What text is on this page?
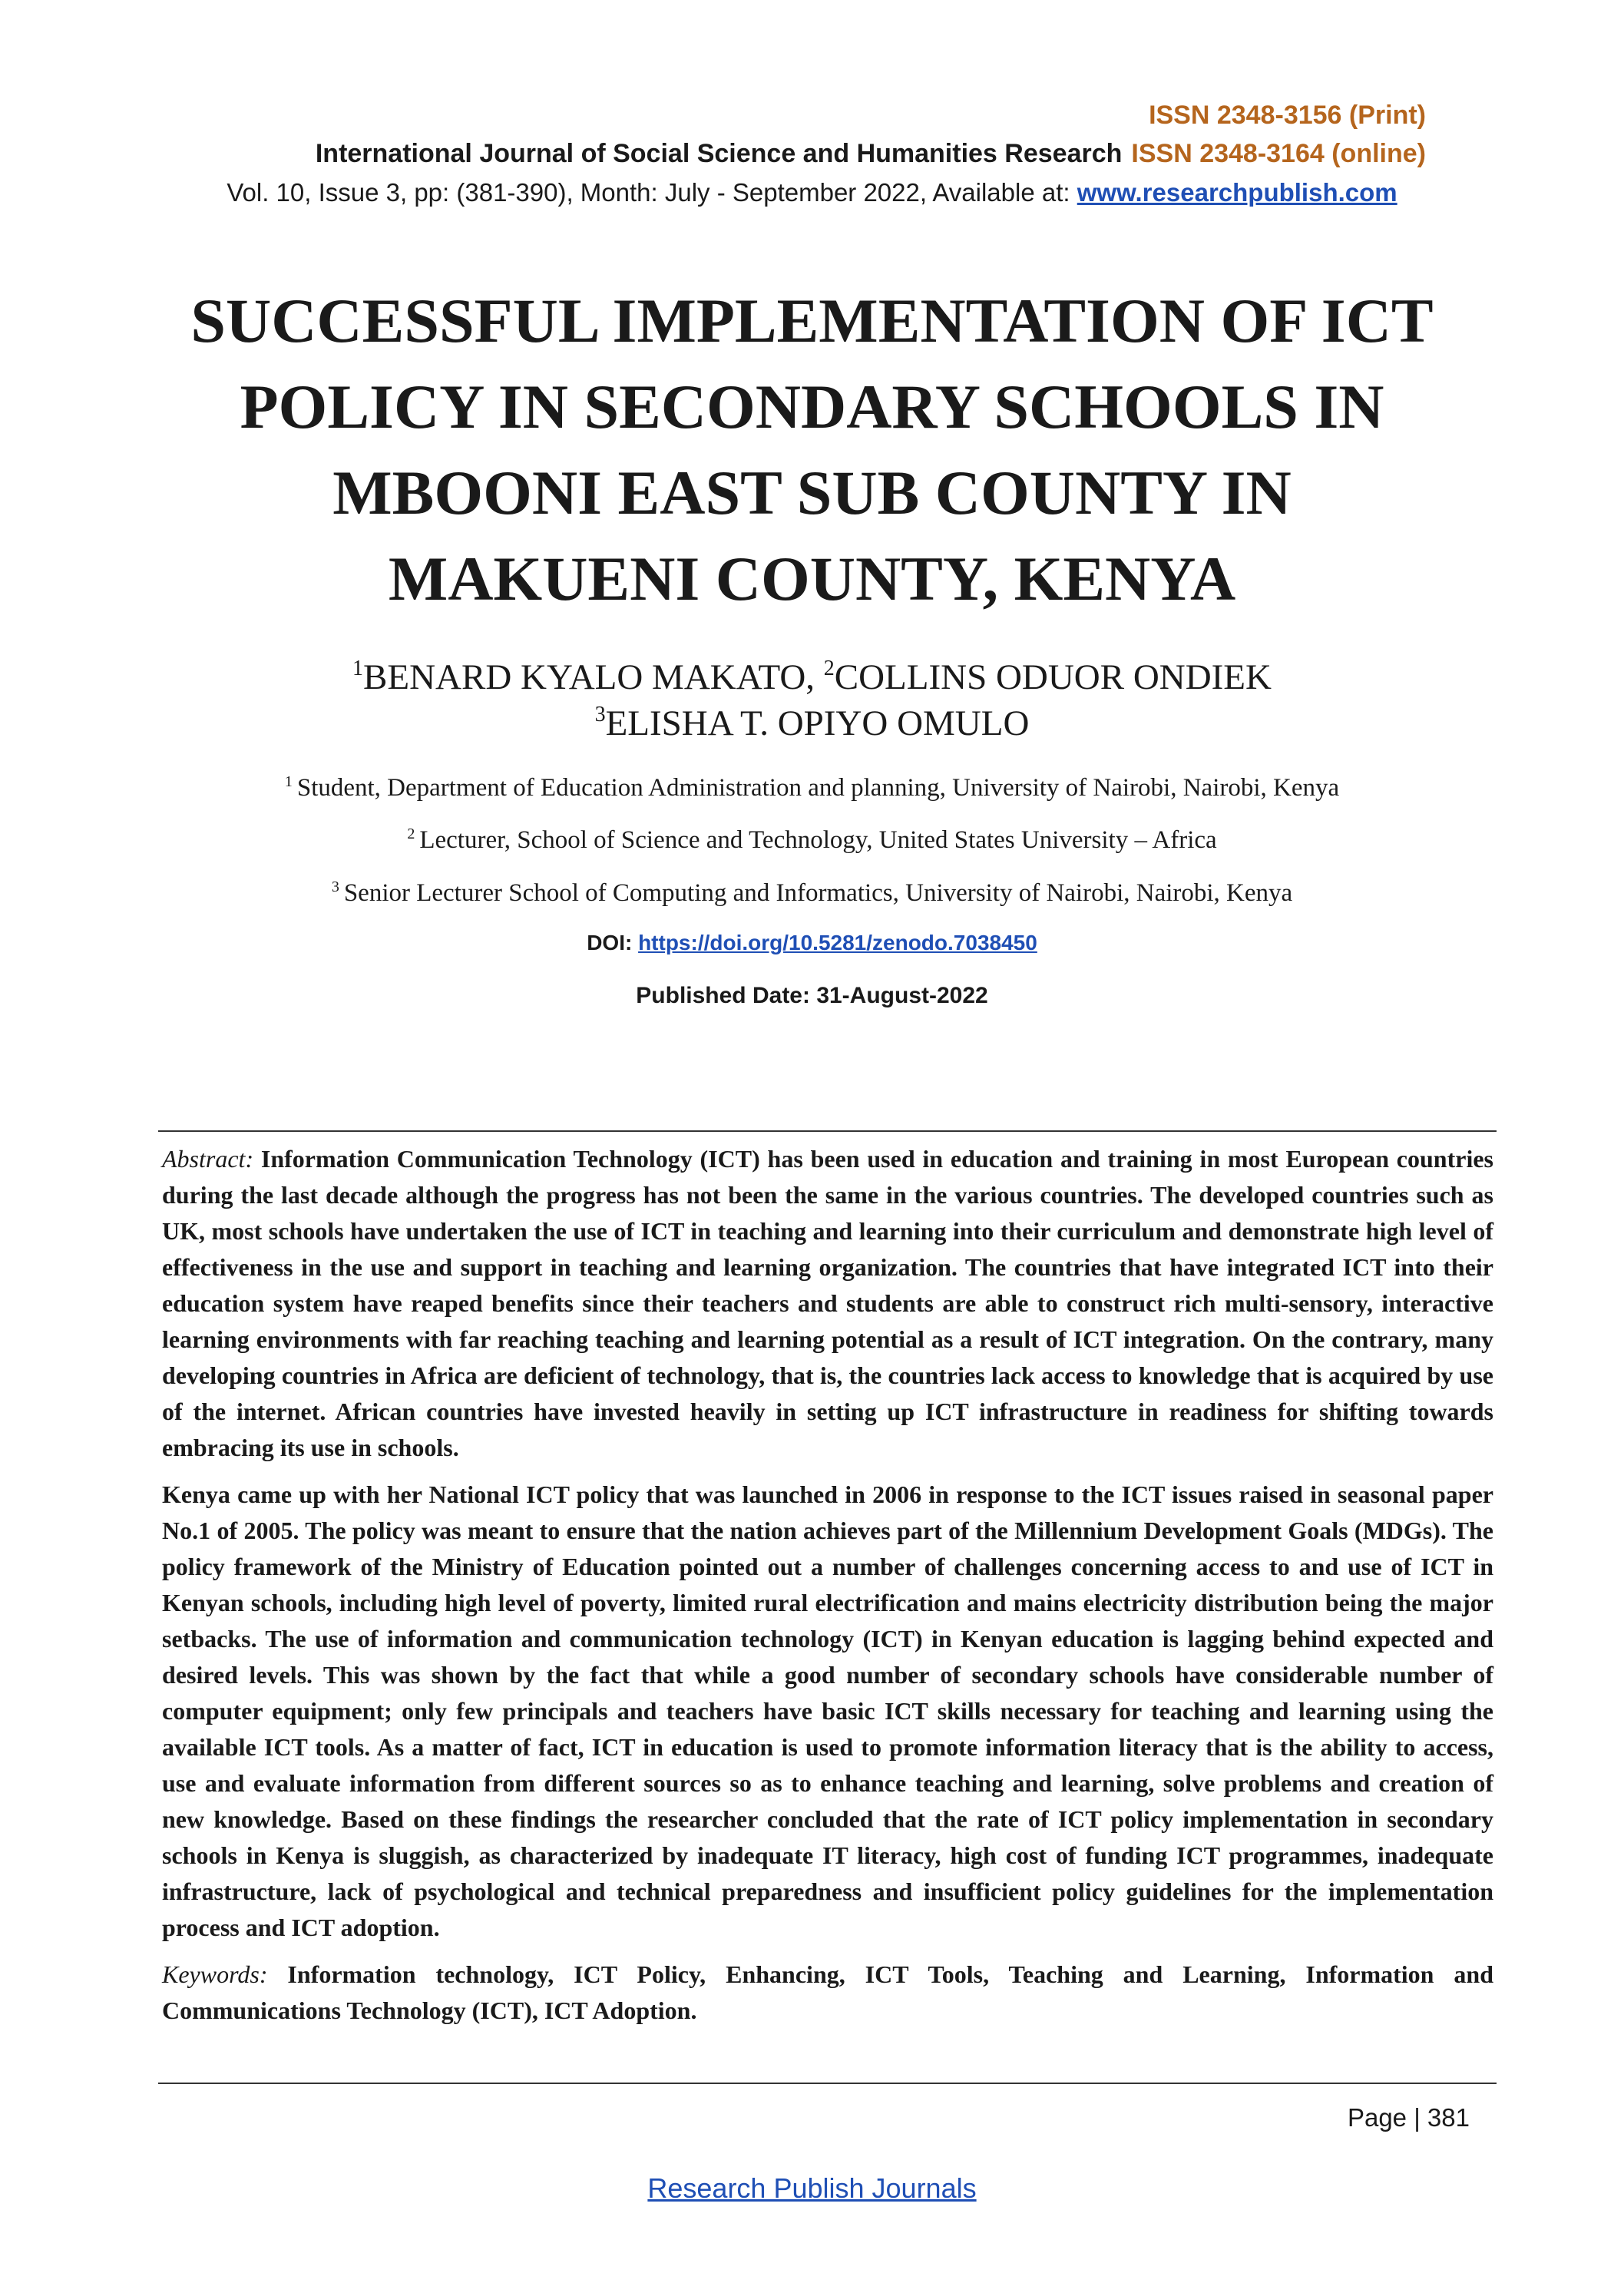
ISSN 2348-3156 (Print)
International Journal of Social Science and Humanities Research ISSN 2348-3164 (online)
Vol. 10, Issue 3, pp: (381-390), Month: July - September 2022, Available at: www.researchpublish.com
SUCCESSFUL IMPLEMENTATION OF ICT
POLICY IN SECONDARY SCHOOLS IN
MBOONI EAST SUB COUNTY IN
MAKUENI COUNTY, KENYA
$^1$BENARD KYALO MAKATO, $^2$COLLINS ODUOR ONDIEK
$^3$ELISHA T. OPIYO OMULO
$^1$ Student, Department of Education Administration and planning, University of Nairobi, Nairobi, Kenya
$^2$ Lecturer, School of Science and Technology, United States University – Africa
$^3$ Senior Lecturer School of Computing and Informatics, University of Nairobi, Nairobi, Kenya
DOI: https://doi.org/10.5281/zenodo.7038450
Published Date: 31-August-2022

Abstract: Information Communication Technology (ICT) has been used in education and training in most European countries during the last decade although the progress has not been the same in the various countries. The developed countries such as UK, most schools have undertaken the use of ICT in teaching and learning into their curriculum and demonstrate high level of effectiveness in the use and support in teaching and learning organization. The countries that have integrated ICT into their education system have reaped benefits since their teachers and students are able to construct rich multi-sensory, interactive learning environments with far reaching teaching and learning potential as a result of ICT integration. On the contrary, many developing countries in Africa are deficient of technology, that is, the countries lack access to knowledge that is acquired by use of the internet. African countries have invested heavily in setting up ICT infrastructure in readiness for shifting towards embracing its use in schools.

Kenya came up with her National ICT policy that was launched in 2006 in response to the ICT issues raised in seasonal paper No.1 of 2005. The policy was meant to ensure that the nation achieves part of the Millennium Development Goals (MDGs). The policy framework of the Ministry of Education pointed out a number of challenges concerning access to and use of ICT in Kenyan schools, including high level of poverty, limited rural electrification and mains electricity distribution being the major setbacks. The use of information and communication technology (ICT) in Kenyan education is lagging behind expected and desired levels. This was shown by the fact that while a good number of secondary schools have considerable number of computer equipment; only few principals and teachers have basic ICT skills necessary for teaching and learning using the available ICT tools. As a matter of fact, ICT in education is used to promote information literacy that is the ability to access, use and evaluate information from different sources so as to enhance teaching and learning, solve problems and creation of new knowledge. Based on these findings the researcher concluded that the rate of ICT policy implementation in secondary schools in Kenya is sluggish, as characterized by inadequate IT literacy, high cost of funding ICT programmes, inadequate infrastructure, lack of psychological and technical preparedness and insufficient policy guidelines for the implementation process and ICT adoption.

Keywords: Information technology, ICT Policy, Enhancing, ICT Tools, Teaching and Learning, Information and Communications Technology (ICT), ICT Adoption.

Page | 381
Research Publish Journals
